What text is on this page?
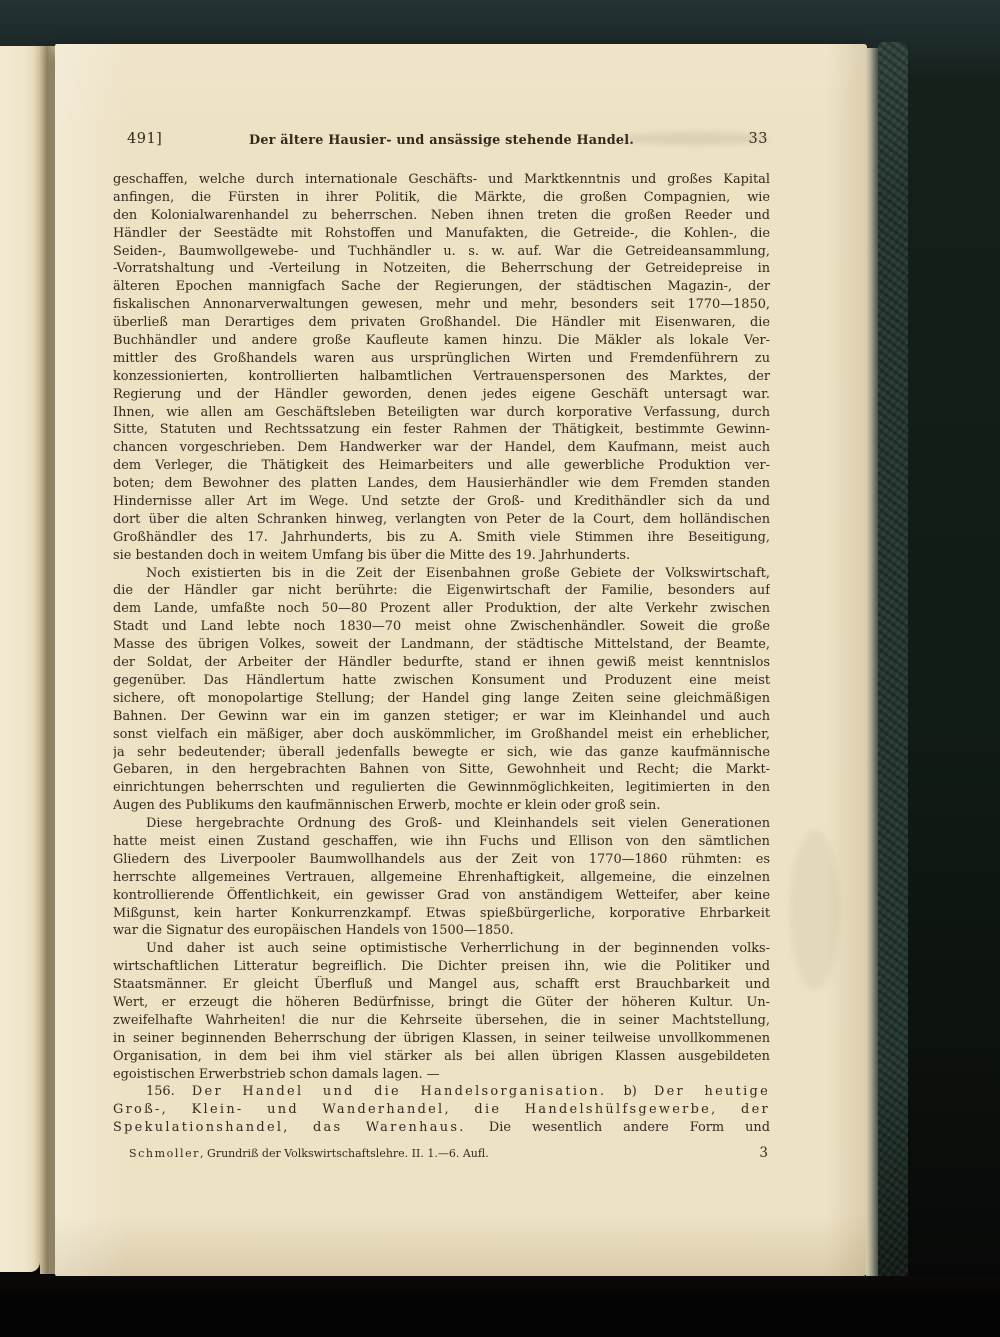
491]	Der ältere Hausier- und ansässige stehende Handel.	33
geschaffen, welche durch internationale Geschäfts- und Marktkenntnis und großes Kapital
anfingen, die Fürsten in ihrer Politik, die Märkte, die großen Compagnien, wie
den Kolonialwarenhandel zu beherrschen. Neben ihnen treten die großen Reeder und
Händler der Seestädte mit Rohstoffen und Manufakten, die Getreide-, die Kohlen-, die
Seiden-, Baumwollgewebe- und Tuchhändler u. s. w. auf. War die Getreideansammlung,
-Vorratshaltung und -Verteilung in Notzeiten, die Beherrschung der Getreidepreise in
älteren Epochen mannigfach Sache der Regierungen, der städtischen Magazin-, der
fiskalischen Annonarverwaltungen gewesen, mehr und mehr, besonders seit 1770—1850,
überließ man Derartiges dem privaten Großhandel. Die Händler mit Eisenwaren, die
Buchhändler und andere große Kaufleute kamen hinzu. Die Mäkler als lokale Ver-
mittler des Großhandels waren aus ursprünglichen Wirten und Fremdenführern zu
konzessionierten, kontrollierten halbamtlichen Vertrauenspersonen des Marktes, der
Regierung und der Händler geworden, denen jedes eigene Geschäft untersagt war.
Ihnen, wie allen am Geschäftsleben Beteiligten war durch korporative Verfassung, durch
Sitte, Statuten und Rechtssatzung ein fester Rahmen der Thätigkeit, bestimmte Gewinn-
chancen vorgeschrieben. Dem Handwerker war der Handel, dem Kaufmann, meist auch
dem Verleger, die Thätigkeit des Heimarbeiters und alle gewerbliche Produktion ver-
boten; dem Bewohner des platten Landes, dem Hausierhändler wie dem Fremden standen
Hindernisse aller Art im Wege. Und setzte der Groß- und Kredithändler sich da und
dort über die alten Schranken hinweg, verlangten von Peter de la Court, dem holländischen
Großhändler des 17. Jahrhunderts, bis zu A. Smith viele Stimmen ihre Beseitigung,
sie bestanden doch in weitem Umfang bis über die Mitte des 19. Jahrhunderts.
Noch existierten bis in die Zeit der Eisenbahnen große Gebiete der Volkswirtschaft,
die der Händler gar nicht berührte: die Eigenwirtschaft der Familie, besonders auf
dem Lande, umfaßte noch 50—80 Prozent aller Produktion, der alte Verkehr zwischen
Stadt und Land lebte noch 1830—70 meist ohne Zwischenhändler. Soweit die große
Masse des übrigen Volkes, soweit der Landmann, der städtische Mittelstand, der Beamte,
der Soldat, der Arbeiter der Händler bedurfte, stand er ihnen gewiß meist kenntnislos
gegenüber. Das Händlertum hatte zwischen Konsument und Produzent eine meist
sichere, oft monopolartige Stellung; der Handel ging lange Zeiten seine gleichmäßigen
Bahnen. Der Gewinn war ein im ganzen stetiger; er war im Kleinhandel und auch
sonst vielfach ein mäßiger, aber doch auskömmlicher, im Großhandel meist ein erheblicher,
ja sehr bedeutender; überall jedenfalls bewegte er sich, wie das ganze kaufmännische
Gebaren, in den hergebrachten Bahnen von Sitte, Gewohnheit und Recht; die Markt-
einrichtungen beherrschten und regulierten die Gewinnmöglichkeiten, legitimierten in den
Augen des Publikums den kaufmännischen Erwerb, mochte er klein oder groß sein.
Diese hergebrachte Ordnung des Groß- und Kleinhandels seit vielen Generationen
hatte meist einen Zustand geschaffen, wie ihn Fuchs und Ellison von den sämtlichen
Gliedern des Liverpooler Baumwollhandels aus der Zeit von 1770—1860 rühmten: es
herrschte allgemeines Vertrauen, allgemeine Ehrenhaftigkeit, allgemeine, die einzelnen
kontrollierende Öffentlichkeit, ein gewisser Grad von anständigem Wetteifer, aber keine
Mißgunst, kein harter Konkurrenzkampf. Etwas spießbürgerliche, korporative Ehrbarkeit
war die Signatur des europäischen Handels von 1500—1850.
Und daher ist auch seine optimistische Verherrlichung in der beginnenden volks-
wirtschaftlichen Litteratur begreiflich. Die Dichter preisen ihn, wie die Politiker und
Staatsmänner. Er gleicht Überfluß und Mangel aus, schafft erst Brauchbarkeit und
Wert, er erzeugt die höheren Bedürfnisse, bringt die Güter der höheren Kultur. Un-
zweifelhafte Wahrheiten! die nur die Kehrseite übersehen, die in seiner Machtstellung,
in seiner beginnenden Beherrschung der übrigen Klassen, in seiner teilweise unvollkommenen
Organisation, in dem bei ihm viel stärker als bei allen übrigen Klassen ausgebildeten
egoistischen Erwerbstrieb schon damals lagen. —
156. Der Handel und die Handelsorganisation. b) Der heutige
Groß-, Klein- und Wanderhandel, die Handelshülfsgewerbe, der
Spekulationshandel, das Warenhaus. Die wesentlich andere Form und
Schmoller, Grundriß der Volkswirtschaftslehre. II. 1.—6. Aufl.	3
